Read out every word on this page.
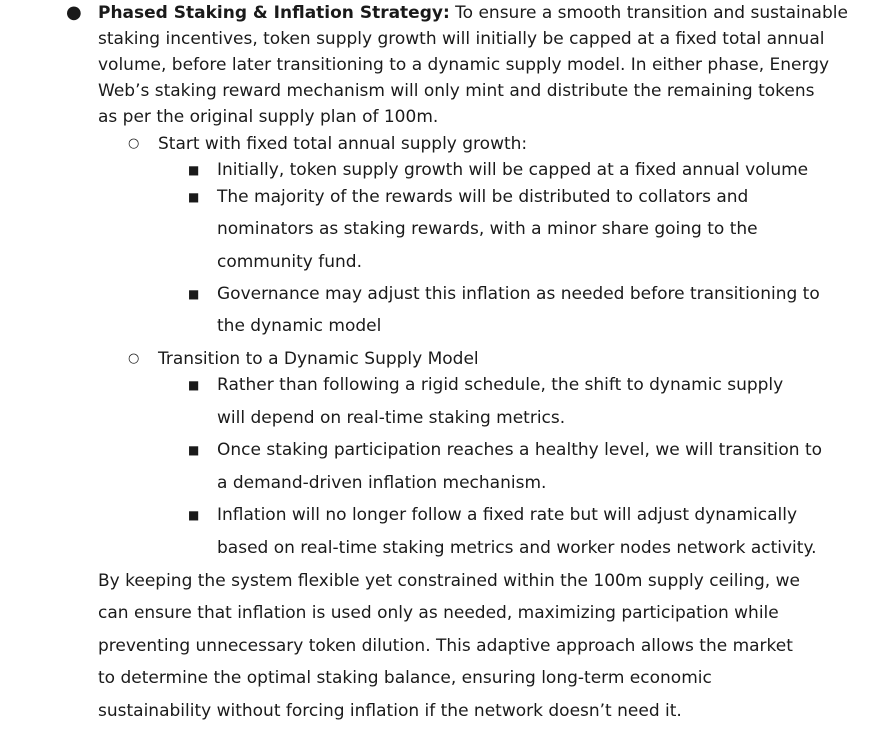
● Phased Staking & Inflation Strategy: To ensure a smooth transition and sustainable
staking incentives, token supply growth will initially be capped at a fixed total annual
volume, before later transitioning to a dynamic supply model. In either phase, Energy
Web’s staking reward mechanism will only mint and distribute the remaining tokens
as per the original supply plan of 100m.
○ Start with fixed total annual supply growth:
■ Initially, token supply growth will be capped at a fixed annual volume
■ The majority of the rewards will be distributed to collators and
nominators as staking rewards, with a minor share going to the
community fund.
■ Governance may adjust this inflation as needed before transitioning to
the dynamic model
○ Transition to a Dynamic Supply Model
■ Rather than following a rigid schedule, the shift to dynamic supply
will depend on real-time staking metrics.
■ Once staking participation reaches a healthy level, we will transition to
a demand-driven inflation mechanism.
■ Inflation will no longer follow a fixed rate but will adjust dynamically
based on real-time staking metrics and worker nodes network activity.
By keeping the system flexible yet constrained within the 100m supply ceiling, we
can ensure that inflation is used only as needed, maximizing participation while
preventing unnecessary token dilution. This adaptive approach allows the market
to determine the optimal staking balance, ensuring long-term economic
sustainability without forcing inflation if the network doesn’t need it.
